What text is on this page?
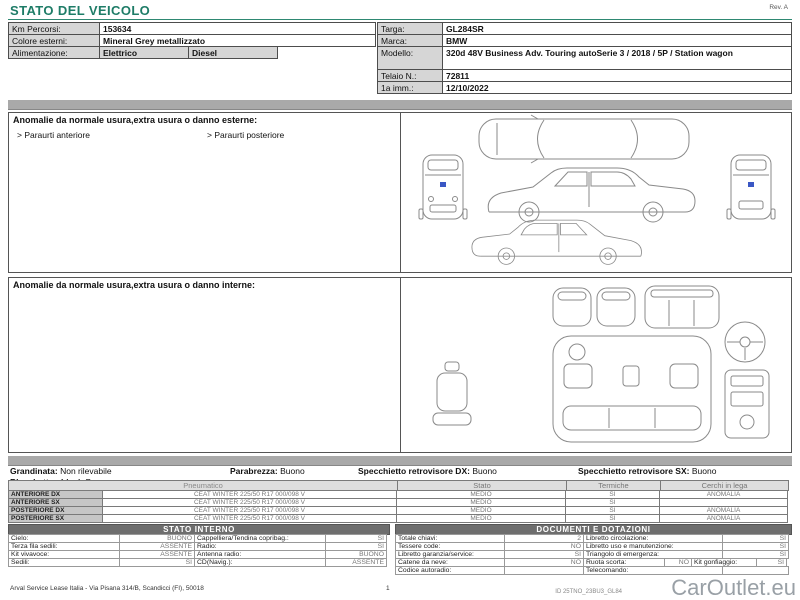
STATO DEL VEICOLO	Rev. A
Km Percorsi:	153634
Colore esterni:	Mineral Grey metallizzato
Alimentazione:	Elettrico	Diesel
Targa:	GL284SR
Marca:	BMW
Modello:	320d 48V Business Adv. Touring autoSerie 3 / 2018 / 5P / Station wagon
Telaio N.:	72811
1a imm.:	12/10/2022
Anomalie da normale usura,extra usura o danno esterne:
> Paraurti anteriore	> Paraurti posteriore
Anomalie da normale usura,extra usura o danno interne:
Grandinata: Non rilevabile	Parabrezza: Buono	Specchietto retrovisore DX: Buono	Specchietto retrovisore SX: Buono
Pneumatico	Stato	Termiche	Cerchi in lega
ANTERIORE DX	CEAT WINTER 225/50 R17 000/098 V	MEDIO	SI	ANOMALIA
ANTERIORE SX	CEAT WINTER 225/50 R17 000/098 V	MEDIO	SI
POSTERIORE DX	CEAT WINTER 225/50 R17 000/098 V	MEDIO	SI	ANOMALIA
POSTERIORE SX	CEAT WINTER 225/50 R17 000/098 V	MEDIO	SI	ANOMALIA
STATO INTERNO
Cielo:	BUONO Cappelliera/Tendina copribag.:	SI
Terza fila sedili:	ASSENTE Radio:	SI
Kit vivavoce:	ASSENTE Antenna radio:	BUONO
Sedili:	SI CD(Navig.):	ASSENTE
DOCUMENTI E DOTAZIONI
Totale chiavi:	2 Libretto circolazione:	SI
Tessere code:	NO Libretto uso e manutenzione:	SI
Libretto garanzia/service:	SI Triangolo di emergenza:	SI
Catene da neve:	NO Ruota scorta:	NO Kit gonfiaggio:	SI
Codice autoradio:	Telecomando:
Arval Service Lease Italia - Via Pisana 314/B, Scandicci (FI), 50018	1	ID 25TNO_23BU3_GL84 CarOutlet.eu
